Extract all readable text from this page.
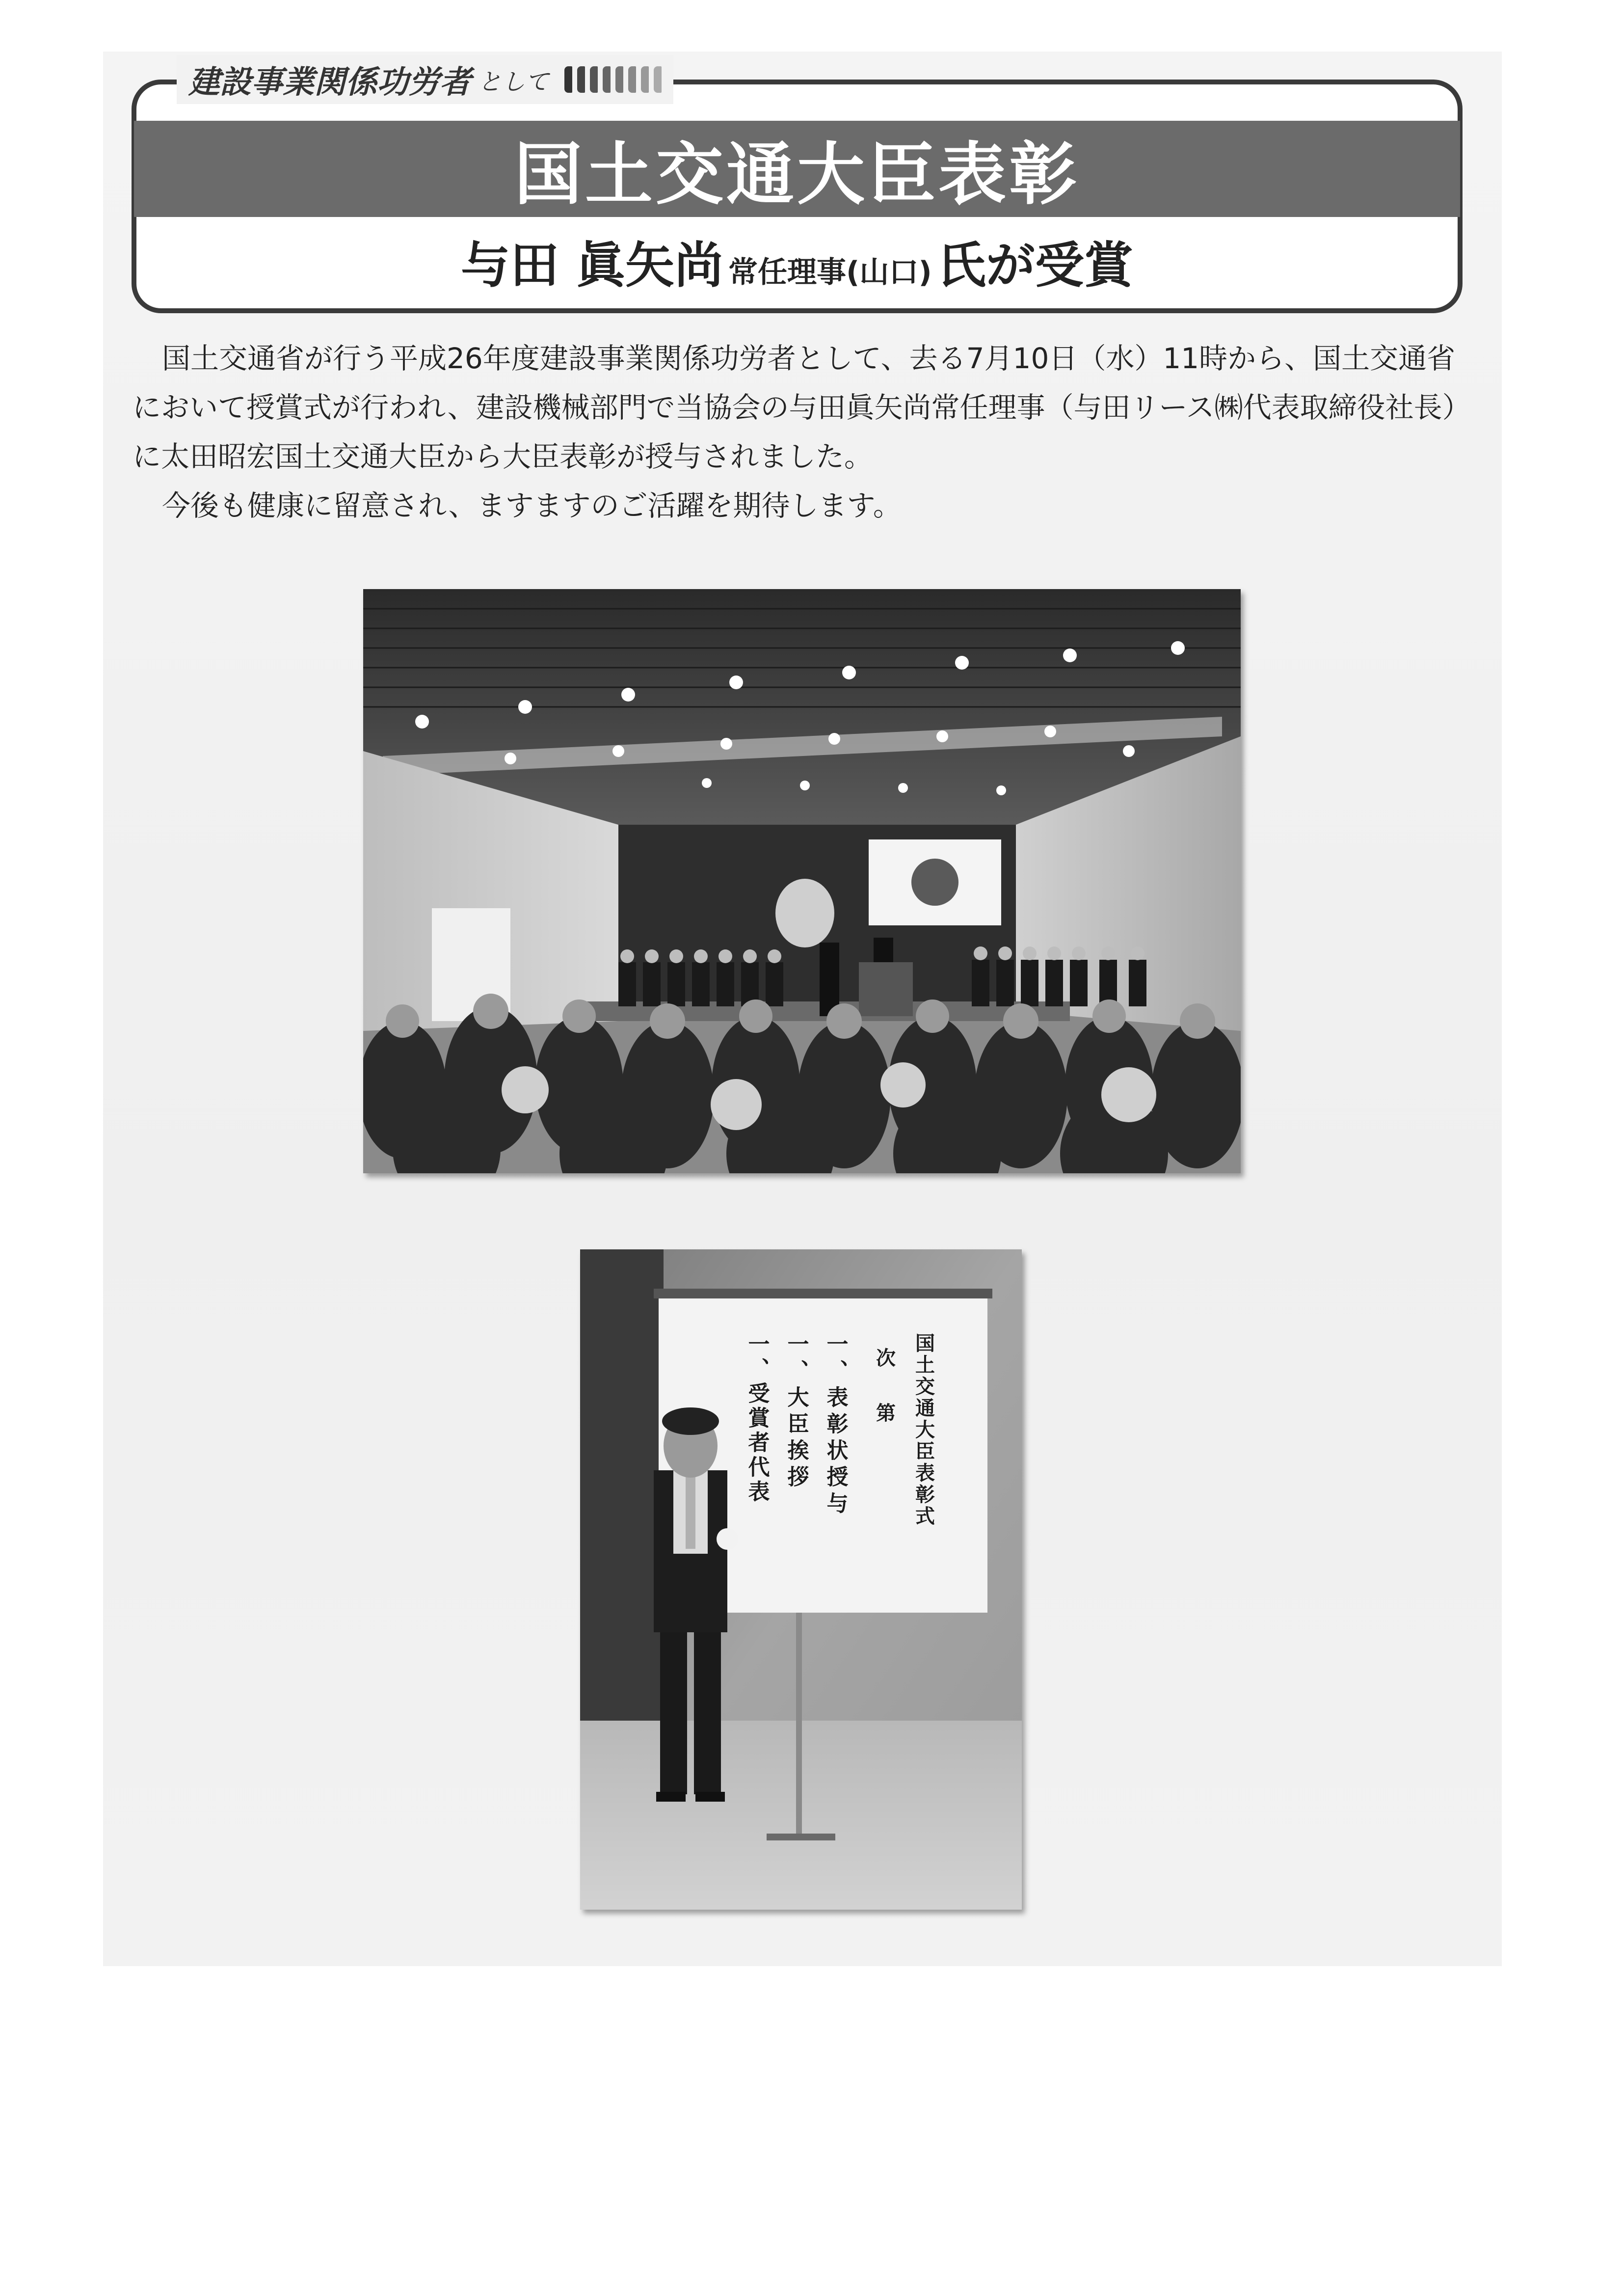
建設事業関係功労者 として
国土交通大臣表彰
与田 眞矢尚 常任理事(山口) 氏が受賞

国土交通省が行う平成26年度建設事業関係功労者として、去る7月10日（水）11時から、国土交通省において授賞式が行われ、建設機械部門で当協会の与田眞矢尚常任理事（与田リース㈱代表取締役社長）に太田昭宏国土交通大臣から大臣表彰が授与されました。

今後も健康に留意され、ますますのご活躍を期待します。

国土交通大臣表彰式
次　第
一、表彰状授与
一、大臣挨拶
一、受賞者代表
